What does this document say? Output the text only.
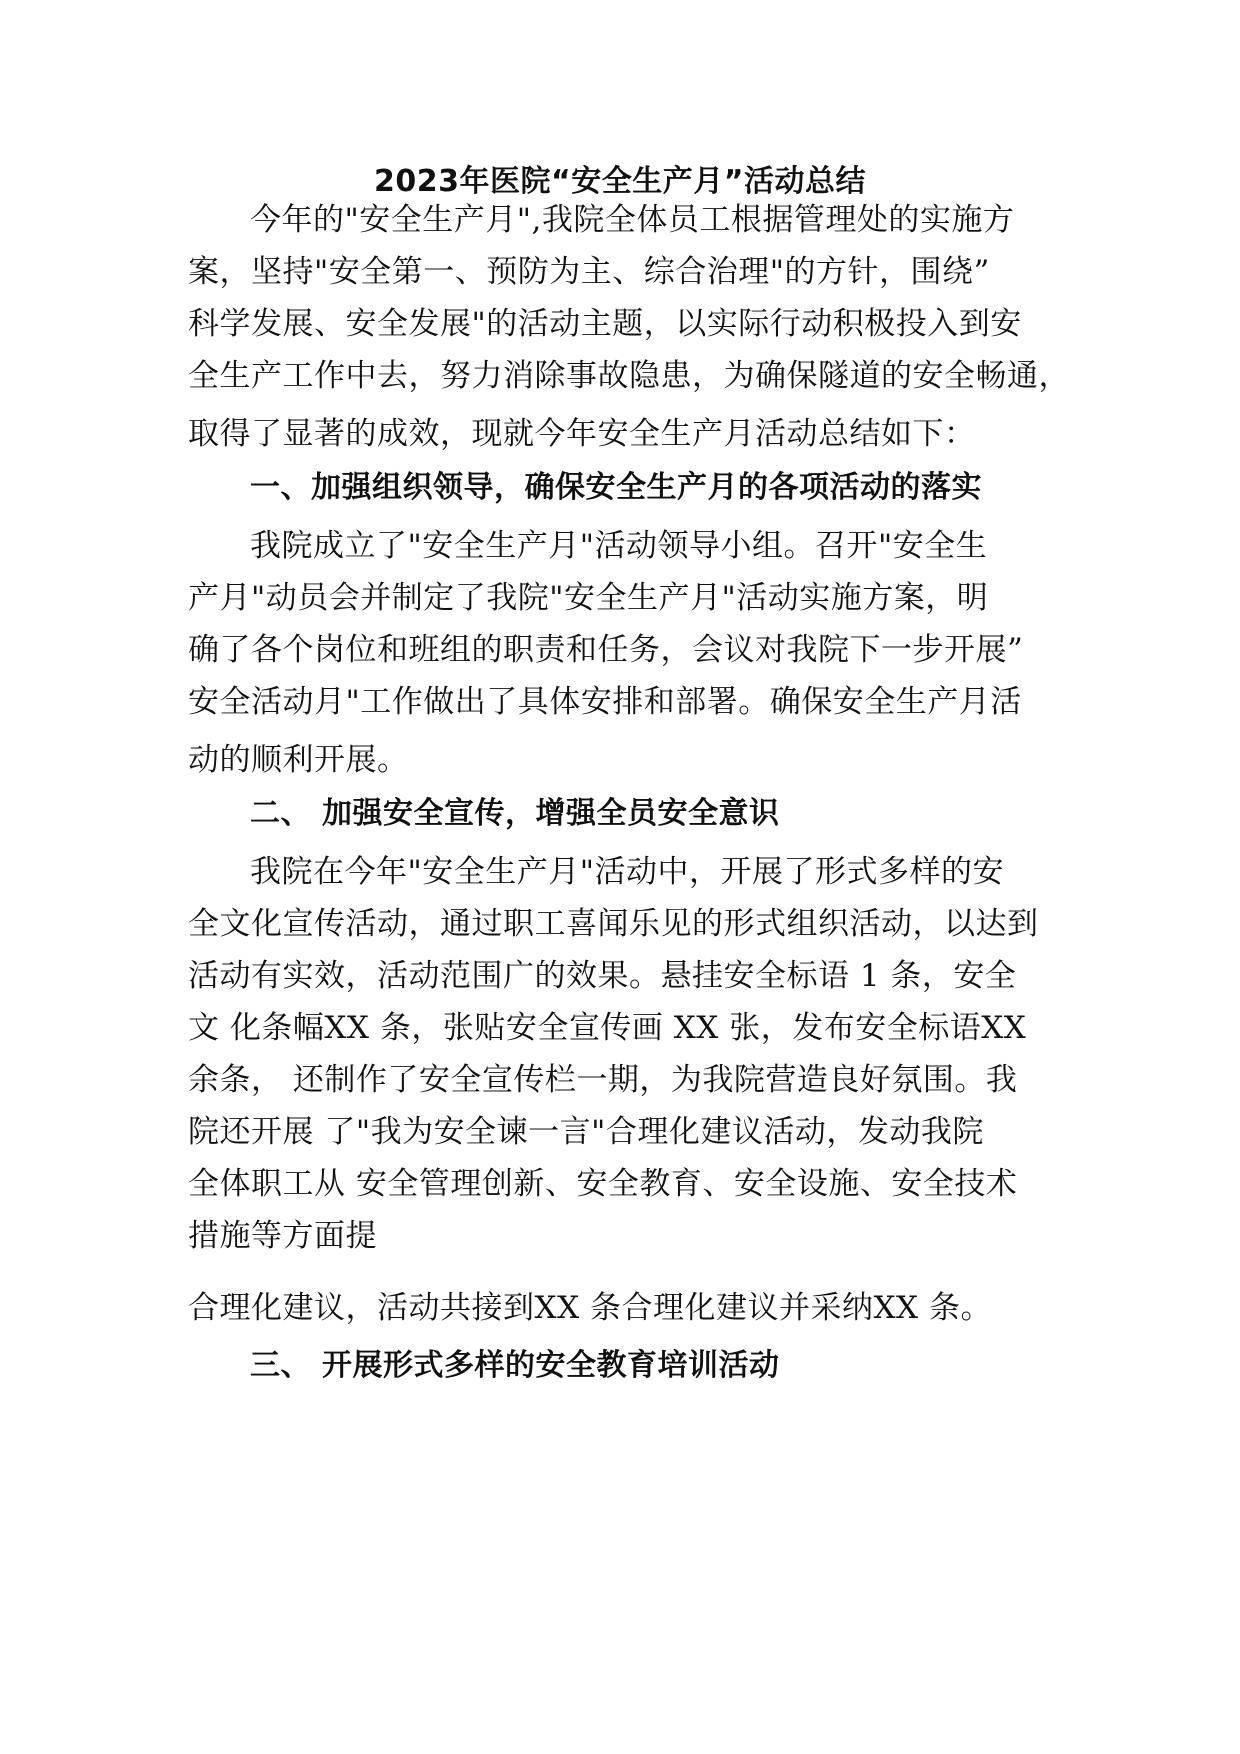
2023年医院“安全生产月”活动总结
今年的"安全生产月",我院全体员工根据管理处的实施方
案，坚持"安全第一、预防为主、综合治理"的方针，围绕”
科学发展、安全发展"的活动主题，以实际行动积极投入到安
全生产工作中去，努力消除事故隐患，为确保隧道的安全畅通，
取得了显著的成效，现就今年安全生产月活动总结如下：
一、加强组织领导，确保安全生产月的各项活动的落实
我院成立了"安全生产月"活动领导小组。召开"安全生
产月"动员会并制定了我院"安全生产月"活动实施方案，明
确了各个岗位和班组的职责和任务，会议对我院下一步开展”
安全活动月"工作做出了具体安排和部署。确保安全生产月活
动的顺利开展。
二、 加强安全宣传，增强全员安全意识
我院在今年"安全生产月"活动中，开展了形式多样的安
全文化宣传活动，通过职工喜闻乐见的形式组织活动，以达到
活动有实效，活动范围广的效果。悬挂安全标语 1 条，安全
文 化条幅XX 条，张贴安全宣传画 XX 张，发布安全标语XX
余条， 还制作了安全宣传栏一期，为我院营造良好氛围。我
院还开展 了"我为安全谏一言"合理化建议活动，发动我院
全体职工从 安全管理创新、安全教育、安全设施、安全技术
措施等方面提
合理化建议，活动共接到XX 条合理化建议并采纳XX 条。
三、 开展形式多样的安全教育培训活动
